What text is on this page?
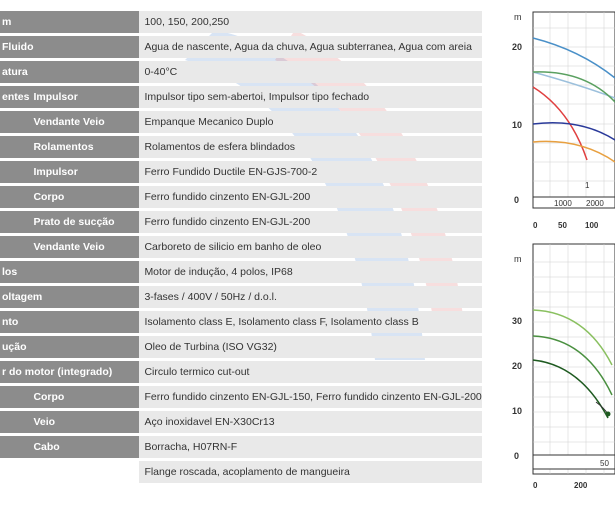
m		100, 150, 200,250
Fluido		Agua de nascente, Agua da chuva, Agua subterranea, Agua com areia
atura		0-40°C
entes	Impulsor	Impulsor tipo sem-abertoi, Impulsor tipo fechado
	Vendante Veio	Empanque Mecanico Duplo
	Rolamentos	Rolamentos de esfera blindados
	Impulsor	Ferro Fundido Ductile EN-GJS-700-2
	Corpo	Ferro fundido cinzento EN-GJL-200
	Prato de sucção	Ferro fundido cinzento EN-GJL-200
	Vendante Veio	Carboreto de silicio em banho de oleo
los		Motor de indução, 4 polos, IP68
oltagem		3-fases / 400V / 50Hz / d.o.l.
nto		Isolamento class E, Isolamento class F, Isolamento class B
ução		Oleo de Turbina (ISO VG32)
r do motor (integrado)		Circulo termico cut-out
	Corpo	Ferro fundido cinzento EN-GJL-150, Ferro fundido cinzento EN-GJL-200
	Veio	Aço inoxidavel EN-X30Cr13
	Cabo	Borracha, H07RN-F
		Flange roscada, acoplamento de mangueira
m
20
10
0
1
1000 2000
0	50 100
m
30
20
10
0
50
0	200
